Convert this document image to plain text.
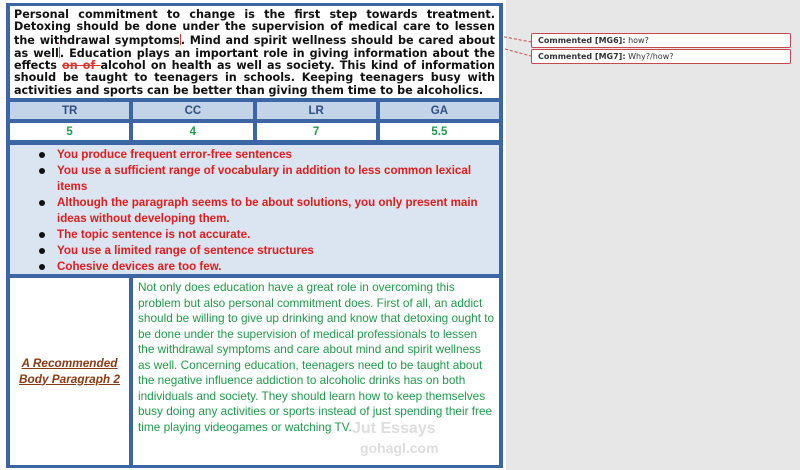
Commented [MG6]: how?
Commented [MG7]: Why?/how?
Personal commitment to change is the first step towards treatment. Detoxing should be done under the supervision of medical care to lessen the withdrawal symptoms. Mind and spirit wellness should be cared about as well. Education plays an important role in giving information about the effects on of alcohol on health as well as society. This kind of information should be taught to teenagers in schools. Keeping teenagers busy with activities and sports can be better than giving them time to be alcoholics.
TR	CC	LR	GA
5	4	7	5.5
You produce frequent error-free sentences
You use a sufficient range of vocabulary in addition to less common lexical items
Although the paragraph seems to be about solutions, you only present main ideas without developing them.
The topic sentence is not accurate.
You use a limited range of sentence structures
Cohesive devices are too few.
A Recommended Body Paragraph 2
Not only does education have a great role in overcoming this problem but also personal commitment does. First of all, an addict should be willing to give up drinking and know that detoxing ought to be done under the supervision of medical professionals to lessen the withdrawal symptoms and care about mind and spirit wellness as well. Concerning education, teenagers need to be taught about the negative influence addiction to alcoholic drinks has on both individuals and society. They should learn how to keep themselves busy doing any activities or sports instead of just spending their free time playing videogames or watching TV. Jut Essays
gohagl.com
